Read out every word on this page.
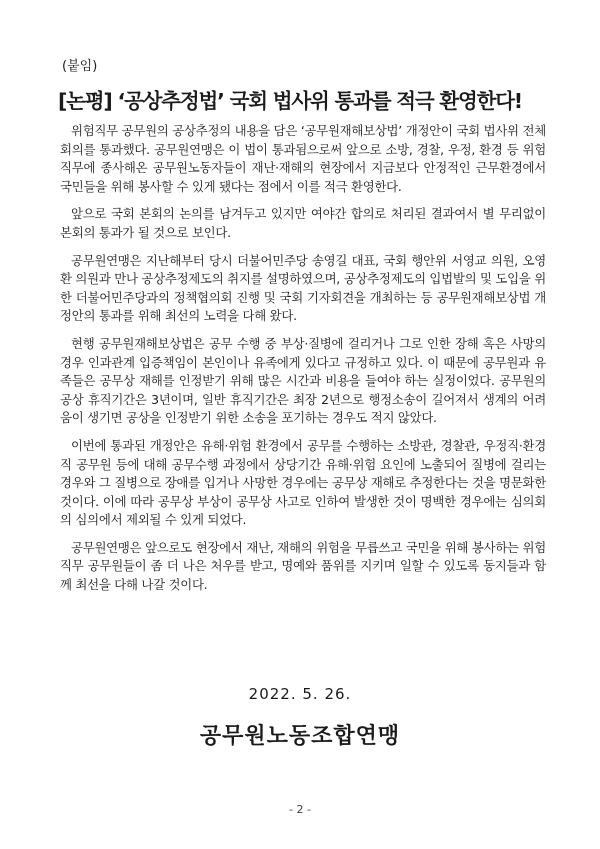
(붙임)
[논평] ‘공상추정법’ 국회 법사위 통과를 적극 환영한다!

위험직무 공무원의 공상추정의 내용을 담은 ‘공무원재해보상법’ 개정안이 국회 법사위 전체회의를 통과했다. 공무원연맹은 이 법이 통과됨으로써 앞으로 소방, 경찰, 우정, 환경 등 위험직무에 종사해온 공무원노동자들이 재난·재해의 현장에서 지금보다 안정적인 근무환경에서 국민들을 위해 봉사할 수 있게 됐다는 점에서 이를 적극 환영한다.

앞으로 국회 본회의 논의를 남겨두고 있지만 여야간 합의로 처리된 결과여서 별 무리없이 본회의 통과가 될 것으로 보인다.

공무원연맹은 지난해부터 당시 더불어민주당 송영길 대표, 국회 행안위 서영교 의원, 오영환 의원과 만나 공상추정제도의 취지를 설명하였으며, 공상추정제도의 입법발의 및 도입을 위한 더불어민주당과의 정책협의회 진행 및 국회 기자회견을 개최하는 등 공무원재해보상법 개정안의 통과를 위해 최선의 노력을 다해 왔다.

현행 공무원재해보상법은 공무 수행 중 부상·질병에 걸리거나 그로 인한 장해 혹은 사망의 경우 인과관계 입증책임이 본인이나 유족에게 있다고 규정하고 있다. 이 때문에 공무원과 유족들은 공무상 재해를 인정받기 위해 많은 시간과 비용을 들여야 하는 실정이었다. 공무원의 공상 휴직기간은 3년이며, 일반 휴직기간은 최장 2년으로 행정소송이 길어져서 생계의 어려움이 생기면 공상을 인정받기 위한 소송을 포기하는 경우도 적지 않았다.

이번에 통과된 개정안은 유해·위험 환경에서 공무를 수행하는 소방관, 경찰관, 우정직·환경직 공무원 등에 대해 공무수행 과정에서 상당기간 유해·위험 요인에 노출되어 질병에 걸리는 경우와 그 질병으로 장애를 입거나 사망한 경우에는 공무상 재해로 추정한다는 것을 명문화한 것이다. 이에 따라 공무상 부상이 공무상 사고로 인하여 발생한 것이 명백한 경우에는 심의회의 심의에서 제외될 수 있게 되었다.

공무원연맹은 앞으로도 현장에서 재난, 재해의 위험을 무릅쓰고 국민을 위해 봉사하는 위험직무 공무원들이 좀 더 나은 처우를 받고, 명예와 품위를 지키며 일할 수 있도록 동지들과 함께 최선을 다해 나갈 것이다.

2022. 5. 26.
공무원노동조합연맹
- 2 -
